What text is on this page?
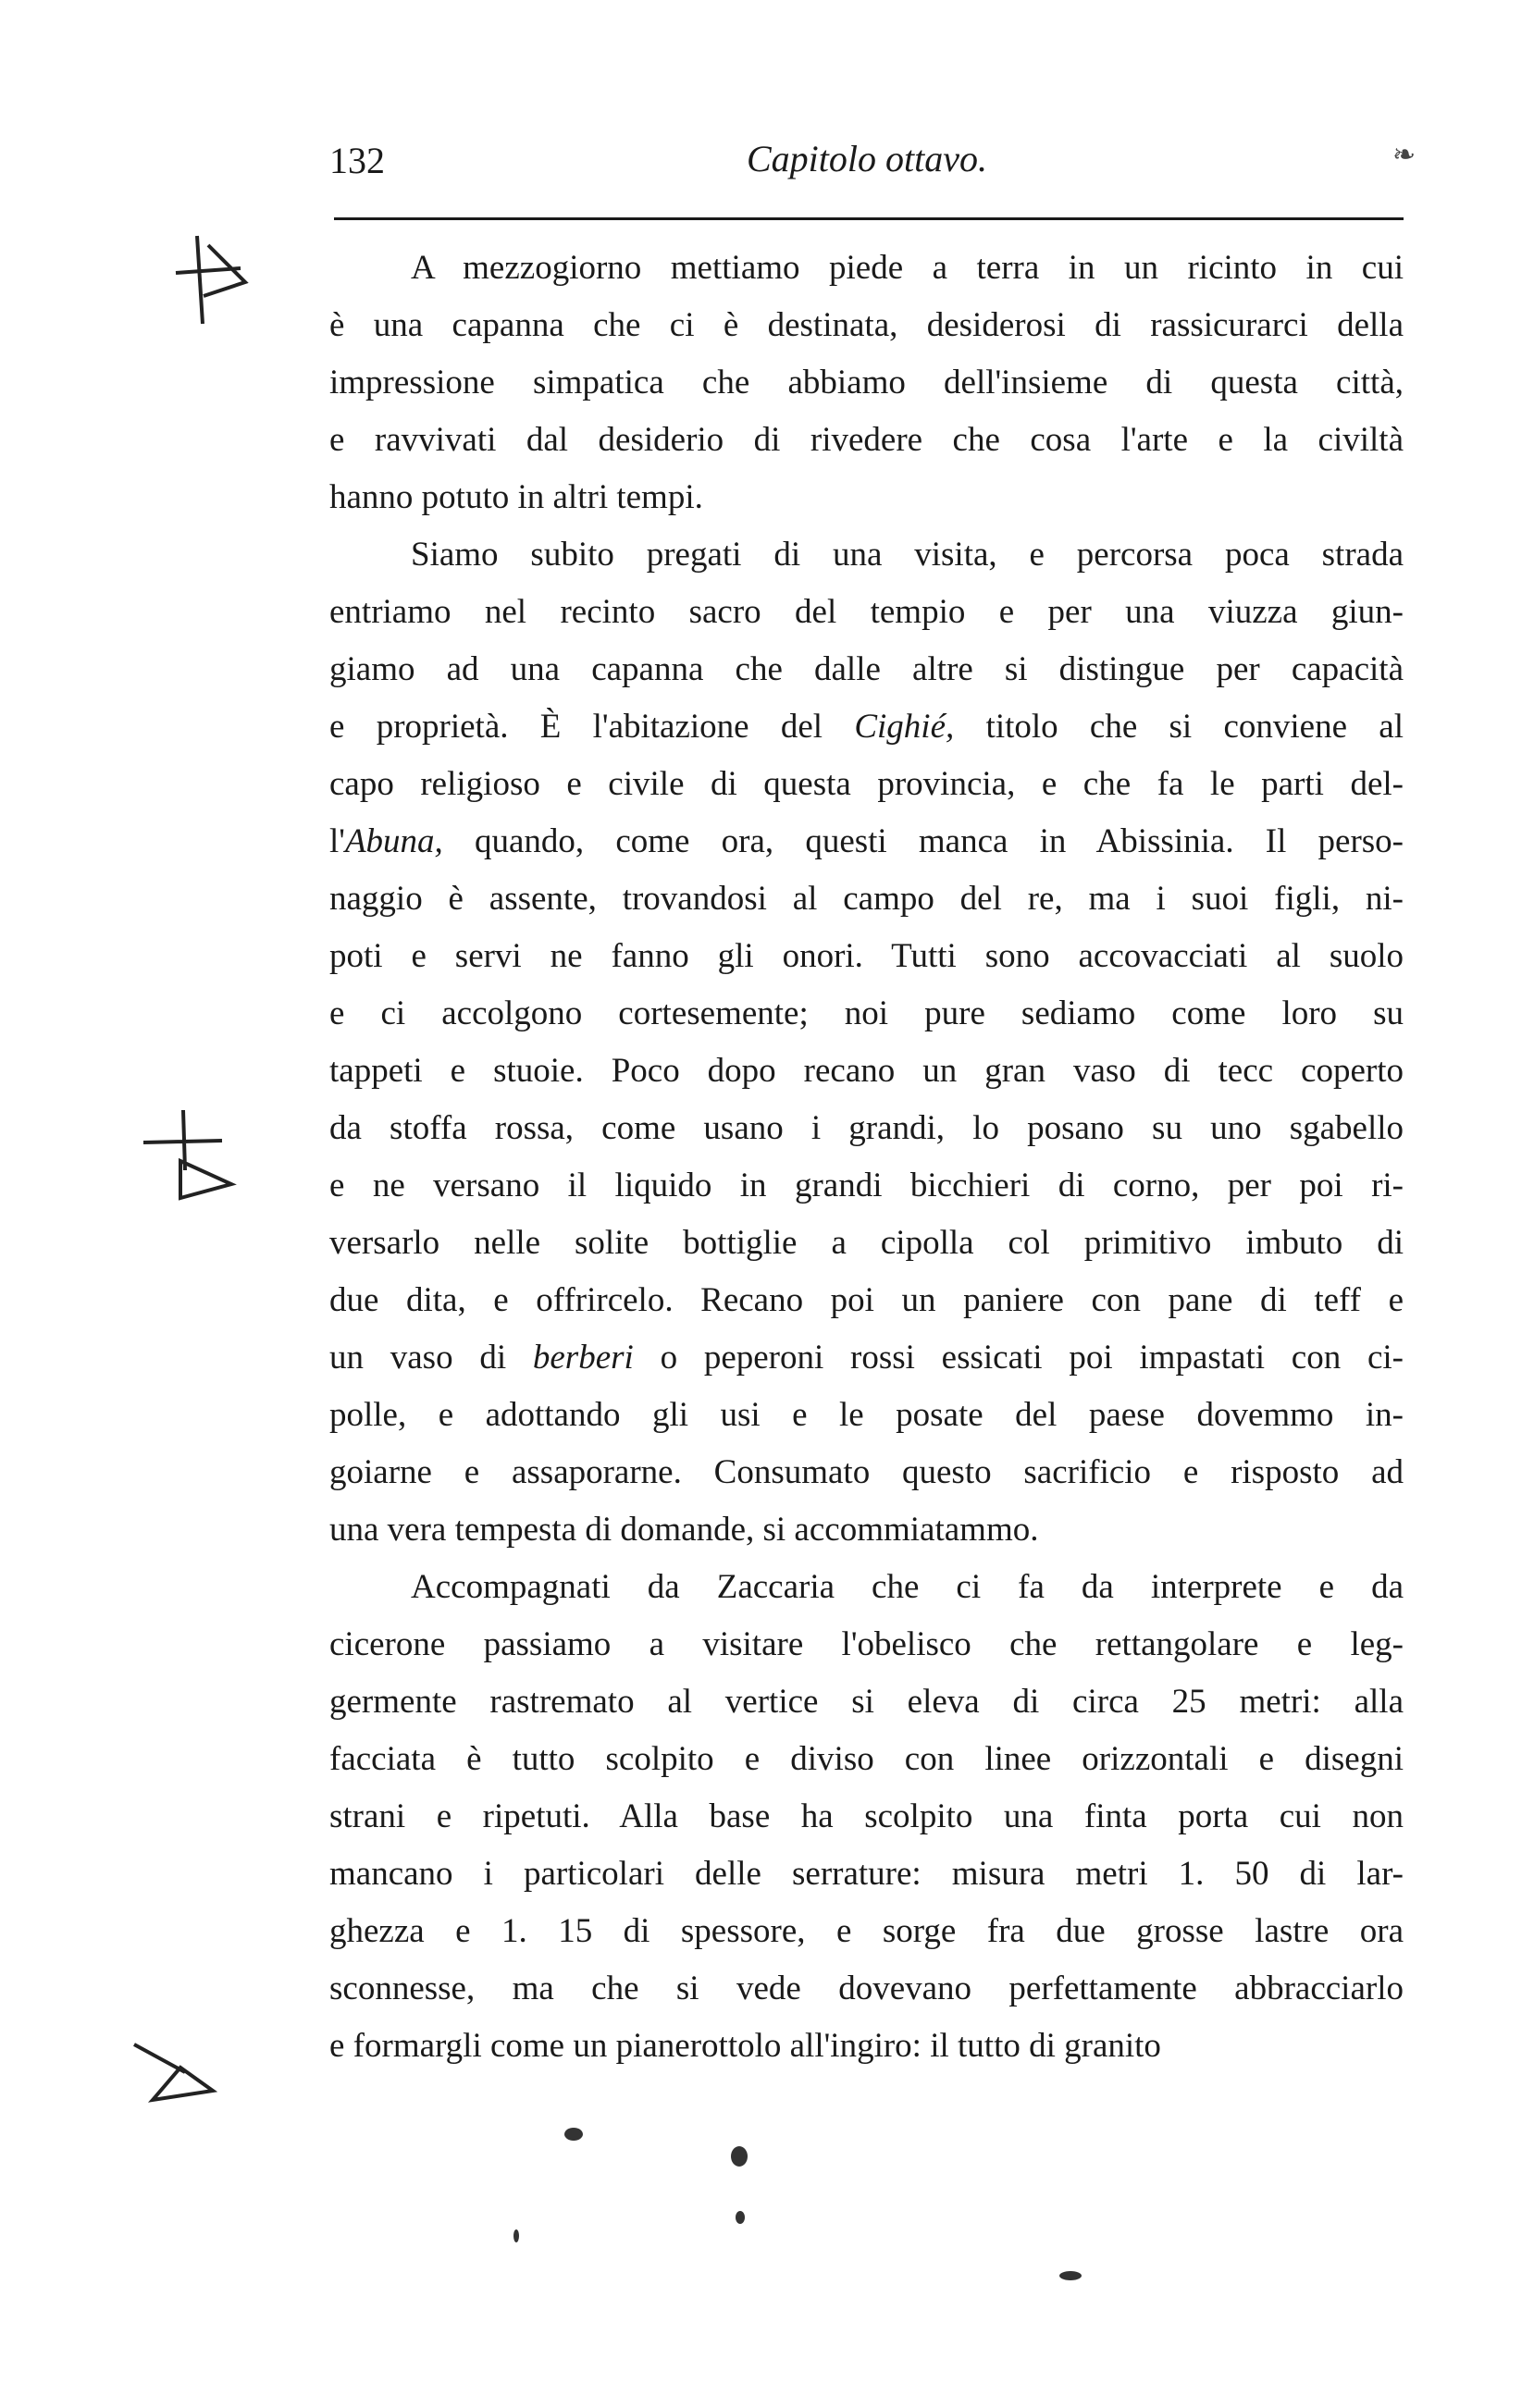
132	Capitolo ottavo.	❧
A mezzogiorno mettiamo piede a terra in un ricinto in cui
è una capanna che ci è destinata, desiderosi di rassicurarci della
impressione simpatica che abbiamo dell'insieme di questa città,
e ravvivati dal desiderio di rivedere che cosa l'arte e la civiltà
hanno potuto in altri tempi.
Siamo subito pregati di una visita, e percorsa poca strada
entriamo nel recinto sacro del tempio e per una viuzza giun-
giamo ad una capanna che dalle altre si distingue per capacità
e proprietà. È l'abitazione del Cighié, titolo che si conviene al
capo religioso e civile di questa provincia, e che fa le parti del-
l'Abuna, quando, come ora, questi manca in Abissinia. Il perso-
naggio è assente, trovandosi al campo del re, ma i suoi figli, ni-
poti e servi ne fanno gli onori. Tutti sono accovacciati al suolo
e ci accolgono cortesemente; noi pure sediamo come loro su
tappeti e stuoie. Poco dopo recano un gran vaso di tecc coperto
da stoffa rossa, come usano i grandi, lo posano su uno sgabello
e ne versano il liquido in grandi bicchieri di corno, per poi ri-
versarlo nelle solite bottiglie a cipolla col primitivo imbuto di
due dita, e offrircelo. Recano poi un paniere con pane di teff e
un vaso di berberi o peperoni rossi essicati poi impastati con ci-
polle, e adottando gli usi e le posate del paese dovemmo in-
goiarne e assaporarne. Consumato questo sacrificio e risposto ad
una vera tempesta di domande, si accommiatammo.
Accompagnati da Zaccaria che ci fa da interprete e da
cicerone passiamo a visitare l'obelisco che rettangolare e leg-
germente rastremato al vertice si eleva di circa 25 metri: alla
facciata è tutto scolpito e diviso con linee orizzontali e disegni
strani e ripetuti. Alla base ha scolpito una finta porta cui non
mancano i particolari delle serrature: misura metri 1. 50 di lar-
ghezza e 1. 15 di spessore, e sorge fra due grosse lastre ora
sconnesse, ma che si vede dovevano perfettamente abbracciarlo
e formargli come un pianerottolo all'ingiro: il tutto di granito
